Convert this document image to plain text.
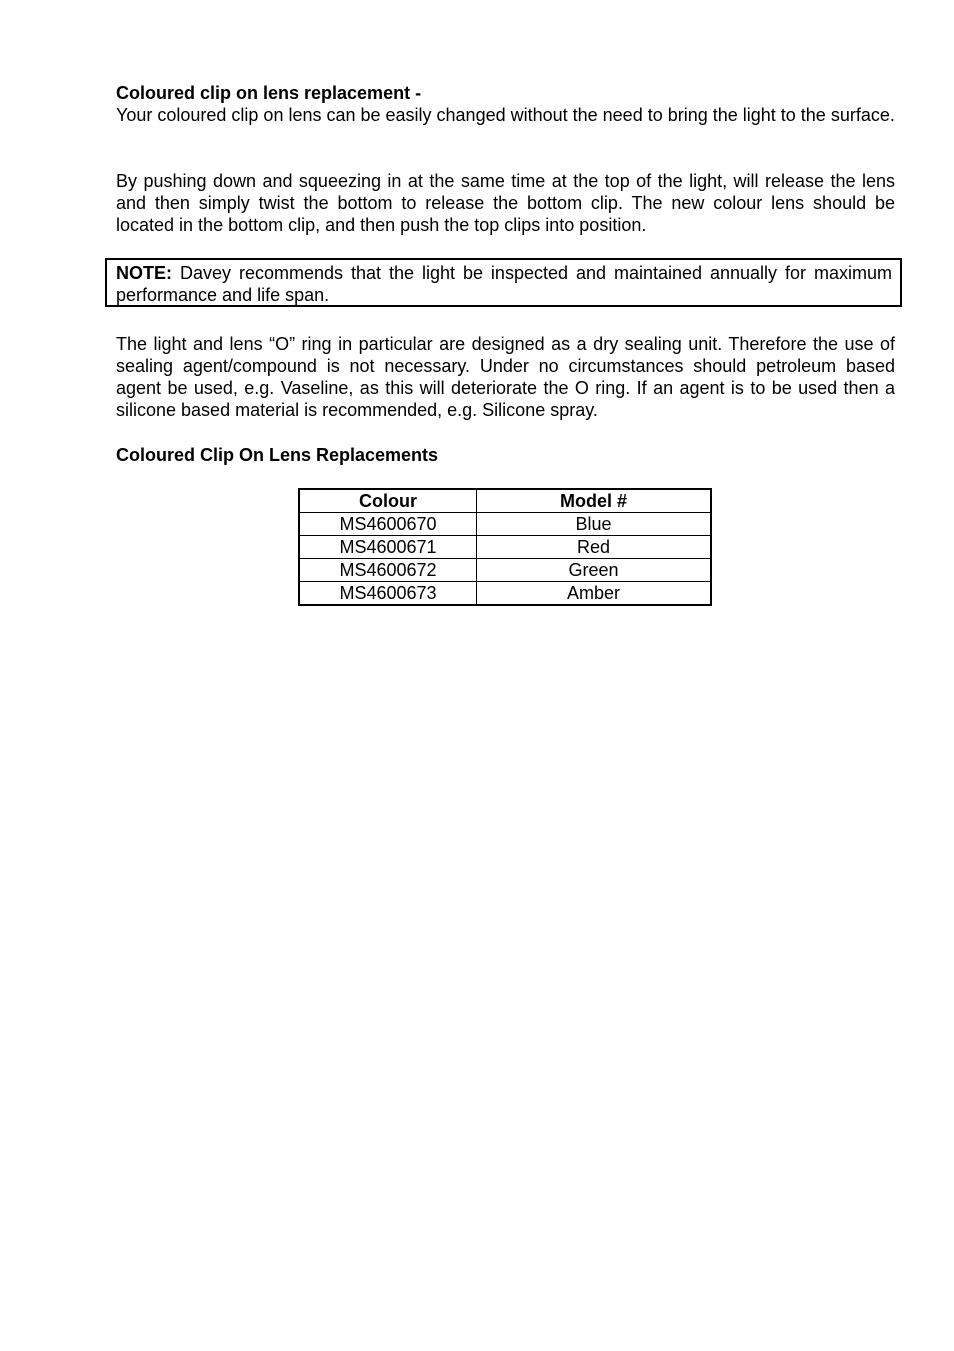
Coloured clip on lens replacement -
Your coloured clip on lens can be easily changed without the need to bring the light to the surface.
By pushing down and squeezing in at the same time at the top of the light, will release the lens and then simply twist the bottom to release the bottom clip. The new colour lens should be located in the bottom clip, and then push the top clips into position.
NOTE: Davey recommends that the light be inspected and maintained annually for maximum performance and life span.
The light and lens “O” ring in particular are designed as a dry sealing unit. Therefore the use of sealing agent/compound is not necessary. Under no circumstances should petroleum based agent be used, e.g. Vaseline, as this will deteriorate the O ring. If an agent is to be used then a silicone based material is recommended, e.g. Silicone spray.
Coloured Clip On Lens Replacements
Colour	Model #
MS4600670	Blue
MS4600671	Red
MS4600672	Green
MS4600673	Amber
